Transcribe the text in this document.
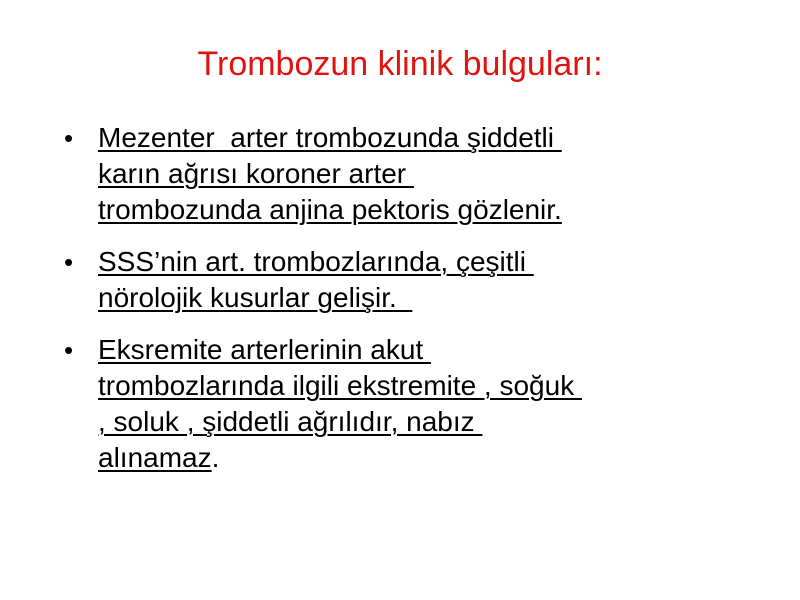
Trombozun klinik bulguları:
• Mezenter  arter trombozunda şiddetli
karın ağrısı koroner arter
trombozunda anjina pektoris gözlenir.
• SSS’nin art. trombozlarında, çeşitli
nörolojik kusurlar gelişir.
• Eksremite arterlerinin akut
trombozlarında ilgili ekstremite , soğuk
, soluk , şiddetli ağrılıdır, nabız
alınamaz.
